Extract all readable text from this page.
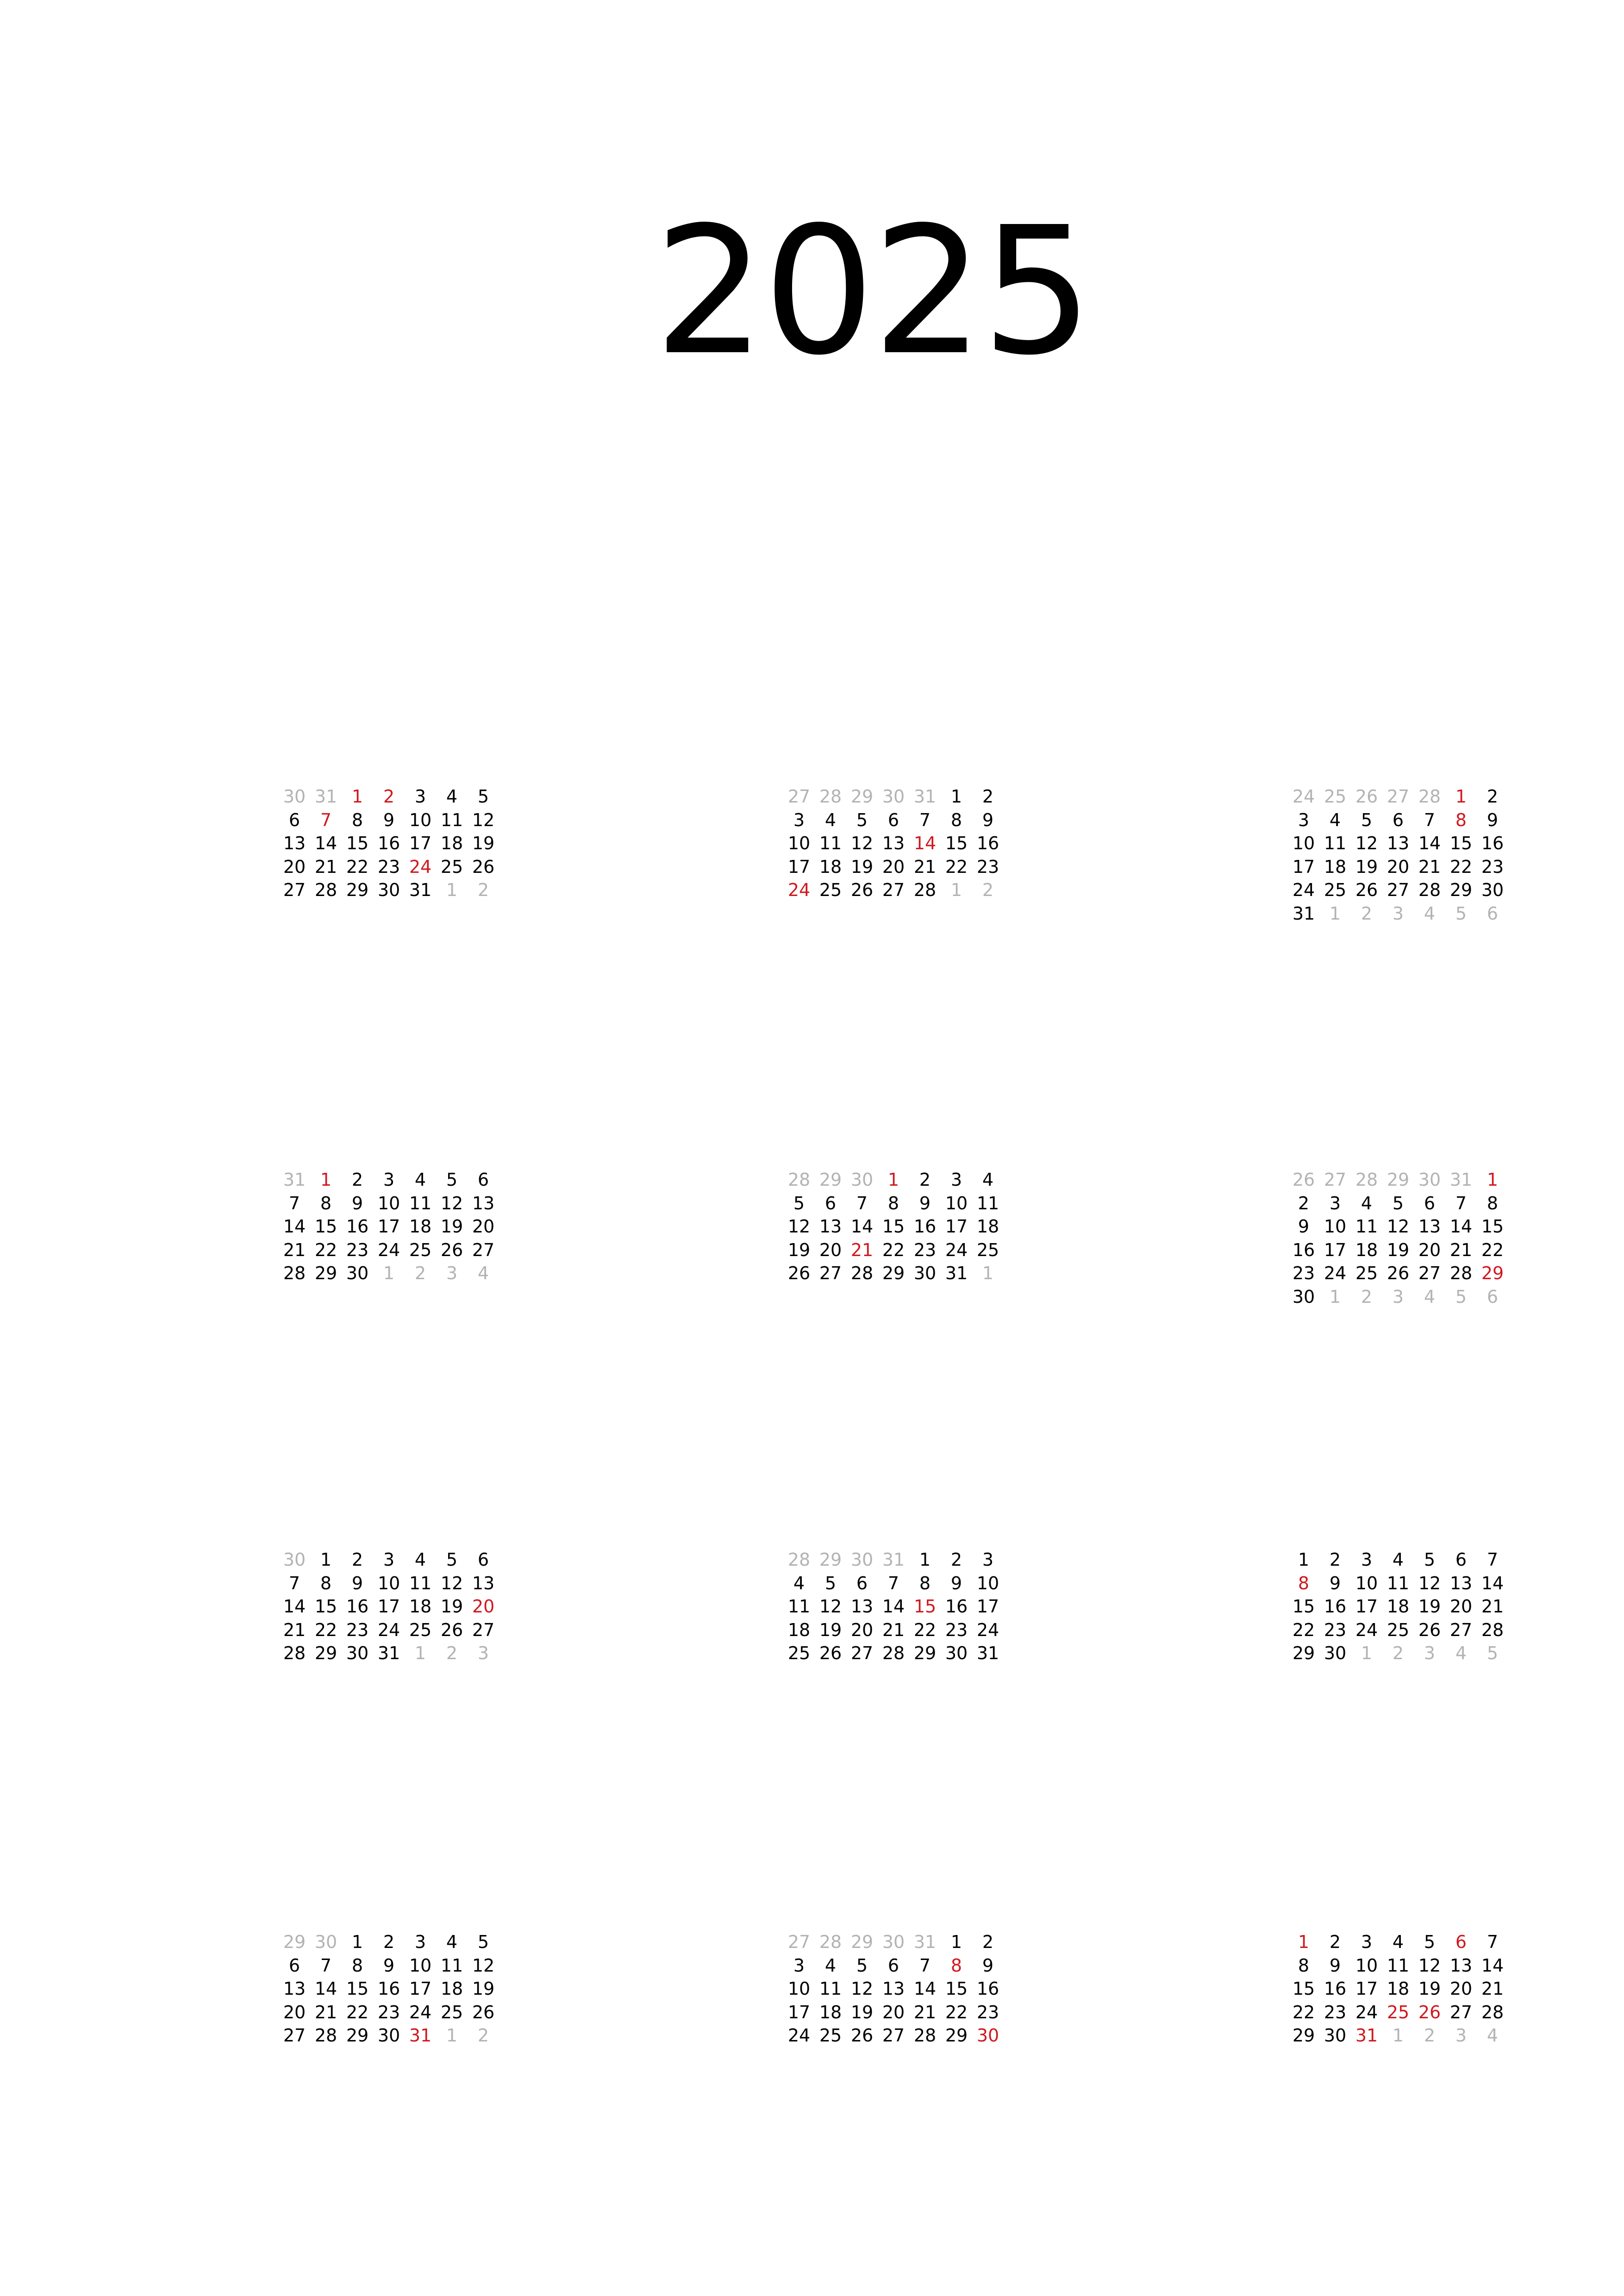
2025
30 31 1	2	3	4	5
6	7	8	9 10 11 12
13 14 15 16 17 18 19
20 21 22 23 24 25 26
27 28 29 30 31 1	2
27 28 29 30 31 1	2
3	4	5	6	7	8	9
10 11 12 13 14 15 16
17 18 19 20 21 22 23
24 25 26 27 28 1	2
24 25 26 27 28 1	2
3	4	5	6	7	8	9
10 11 12 13 14 15 16
17 18 19 20 21 22 23
24 25 26 27 28 29 30
31 1	2	3	4	5	6
31 1	2	3	4	5	6
7	8	9 10 11 12 13
14 15 16 17 18 19 20
21 22 23 24 25 26 27
28 29 30 1	2	3	4
28 29 30 1	2	3	4
5	6	7	8	9 10 11
12 13 14 15 16 17 18
19 20 21 22 23 24 25
26 27 28 29 30 31 1
26 27 28 29 30 31 1
2	3	4	5	6	7	8
9 10 11 12 13 14 15
16 17 18 19 20 21 22
23 24 25 26 27 28 29
30 1	2	3	4	5	6
30 1	2	3	4	5	6
7	8	9 10 11 12 13
14 15 16 17 18 19 20
21 22 23 24 25 26 27
28 29 30 31 1	2	3
28 29 30 31 1	2	3
4	5	6	7	8	9 10
11 12 13 14 15 16 17
18 19 20 21 22 23 24
25 26 27 28 29 30 31
1	2	3	4	5	6	7
8	9 10 11 12 13 14
15 16 17 18 19 20 21
22 23 24 25 26 27 28
29 30 1	2	3	4	5
29 30 1	2	3	4	5
6	7	8	9 10 11 12
13 14 15 16 17 18 19
20 21 22 23 24 25 26
27 28 29 30 31 1	2
27 28 29 30 31 1	2
3	4	5	6	7	8	9
10 11 12 13 14 15 16
17 18 19 20 21 22 23
24 25 26 27 28 29 30
1	2	3	4	5	6	7
8	9 10 11 12 13 14
15 16 17 18 19 20 21
22 23 24 25 26 27 28
29 30 31 1	2	3	4
